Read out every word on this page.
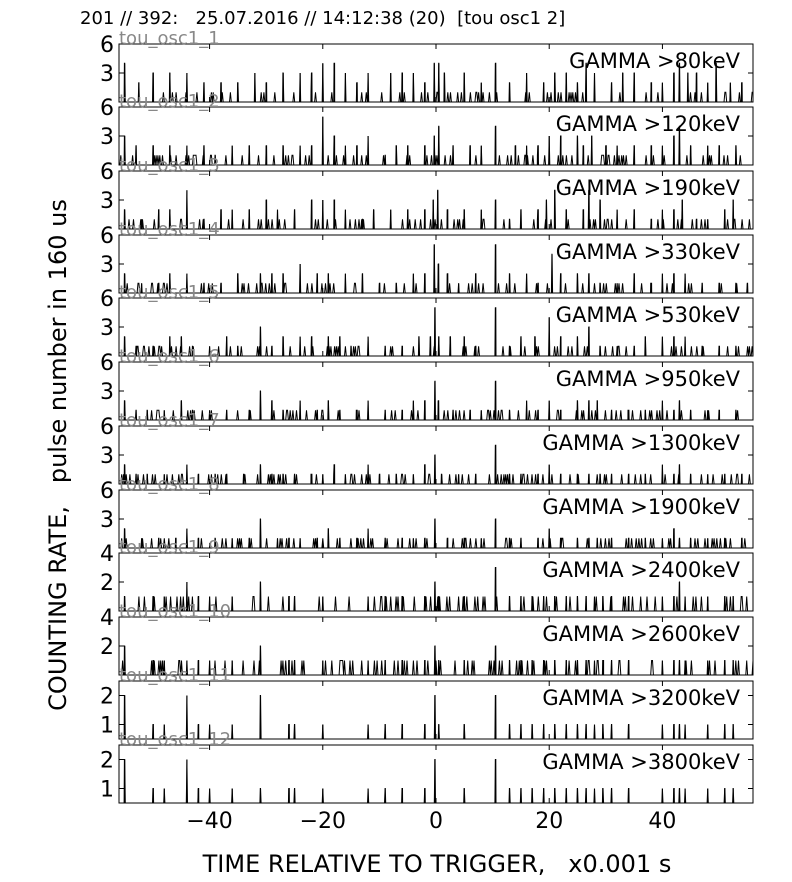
201 // 392:   25.07.2016 // 14:12:38 (20)  [tou osc1 2]
COUNTING RATE,   pulse number in 160 us
TIME RELATIVE TO TRIGGER,   x0.001 s
3
6 tou_osc1_1
GAMMA >80keV
3
6 tou_osc1_2
GAMMA >120keV
3
6 tou_osc1_3
GAMMA >190keV
3
6 tou_osc1_4
GAMMA >330keV
3
6 tou_osc1_5
GAMMA >530keV
3
6 tou_osc1_6
GAMMA >950keV
3
6 tou_osc1_7
GAMMA >1300keV
3
6 tou_osc1_8
GAMMA >1900keV
2
4 tou_osc1_9
GAMMA >2400keV
2
4 tou_osc1_10
GAMMA >2600keV
1
2
tou_osc1_11
GAMMA >3200keV
1
2
tou_osc1_12
GAMMA >3800keV
−40	−20	0	20	40
